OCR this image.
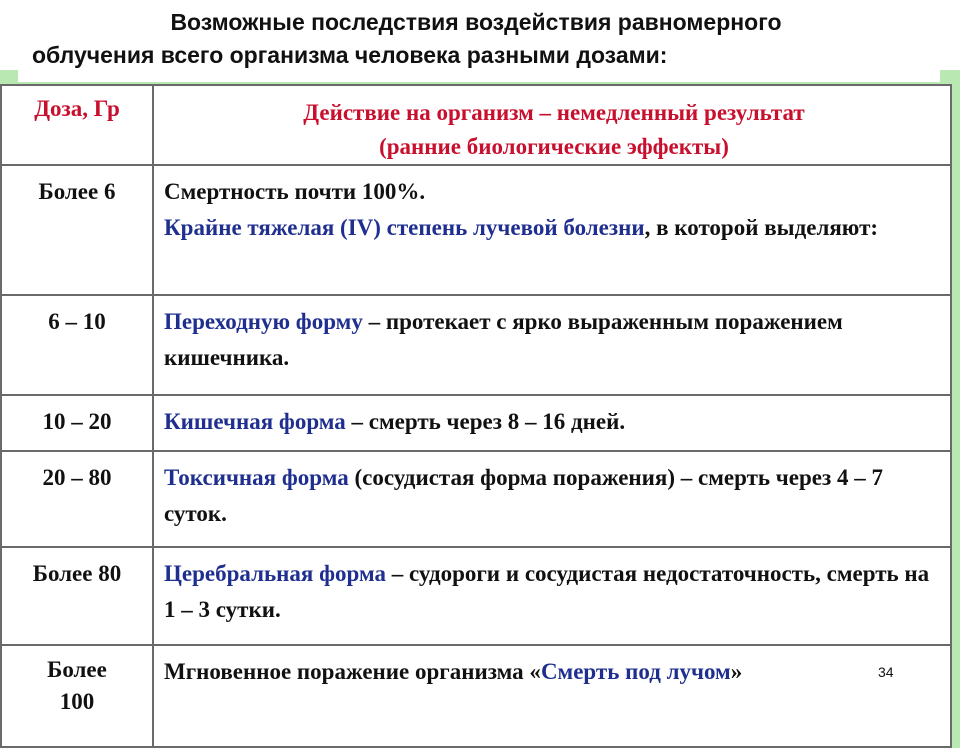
Возможные последствия воздействия равномерного
облучения всего организма человека разными дозами:
Доза, Гр	Действие на организм – немедленный результат
(ранние биологические эффекты)

Более 6	Смертность почти 100%.
Крайне тяжелая (IV) степень лучевой болезни, в которой выделяют:

6 – 10	Переходную форму – протекает с ярко выраженным поражением кишечника.

10 – 20	Кишечная форма – смерть через 8 – 16 дней.

20 – 80	Токсичная форма (сосудистая форма поражения) – смерть через 4 – 7 суток.

Более 80	Церебральная форма – судороги и сосудистая недостаточность, смерть на 1 – 3 сутки.

Более 100	Мгновенное поражение организма «Смерть под лучом»	34
